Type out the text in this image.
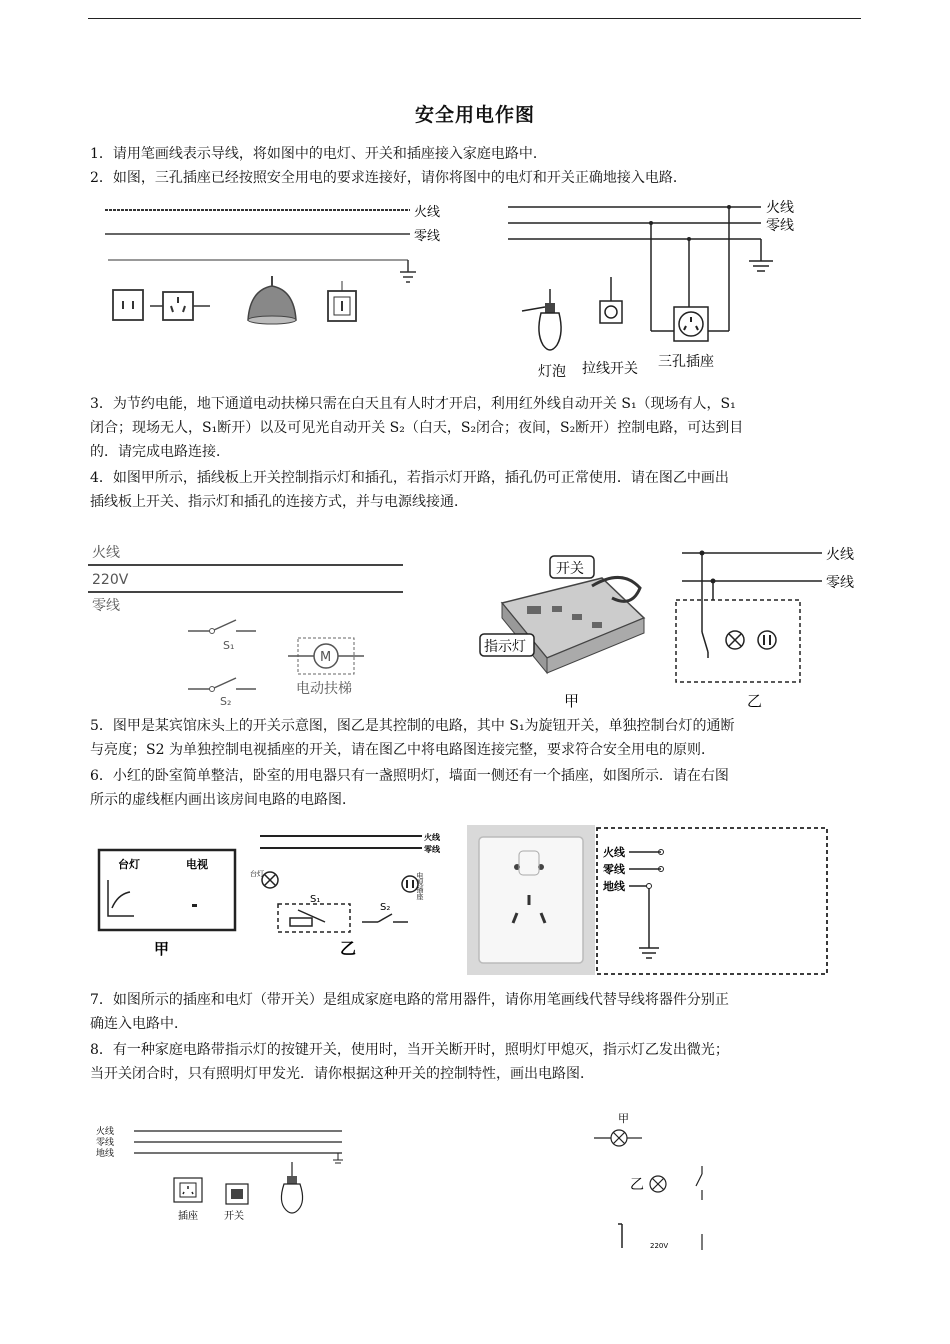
安全用电作图
1．请用笔画线表示导线，将如图中的电灯、开关和插座接入家庭电路中．
2．如图，三孔插座已经按照安全用电的要求连接好，请你将图中的电灯和开关正确地接入电路．
火线
零线
火线
零线
灯泡 拉线开关 三孔插座
3．为节约电能，地下通道电动扶梯只需在白天且有人时才开启，利用红外线自动开关 S₁（现场有人，S₁
闭合；现场无人，S₁断开）以及可见光自动开关 S₂（白天，S₂闭合；夜间，S₂断开）控制电路，可达到目
的．请完成电路连接．
4．如图甲所示，插线板上开关控制指示灯和插孔，若指示灯开路，插孔仍可正常使用．请在图乙中画出
插线板上开关、指示灯和插孔的连接方式，并与电源线接通．
火线
220V
零线
S₁
S₂
M
电动扶梯
开关
指示灯
甲
火线
零线
乙
5．图甲是某宾馆床头上的开关示意图，图乙是其控制的电路，其中 S₁为旋钮开关，单独控制台灯的通断
与亮度；S2 为单独控制电视插座的开关，请在图乙中将电路图连接完整，要求符合安全用电的原则．
6．小红的卧室简单整洁，卧室的用电器只有一盏照明灯，墙面一侧还有一个插座，如图所示．请在右图
所示的虚线框内画出该房间电路的电路图．
台灯	电视
甲
火线
零线
台灯	电视插座
S₁
S₂
乙
火线
零线
地线
7．如图所示的插座和电灯（带开关）是组成家庭电路的常用器件，请你用笔画线代替导线将器件分别正
确连入电路中．
8．有一种家庭电路带指示灯的按键开关，使用时，当开关断开时，照明灯甲熄灭，指示灯乙发出微光；
当开关闭合时，只有照明灯甲发光．请你根据这种开关的控制特性，画出电路图．
火线
零线
地线
插座	开关
甲
乙
220V
